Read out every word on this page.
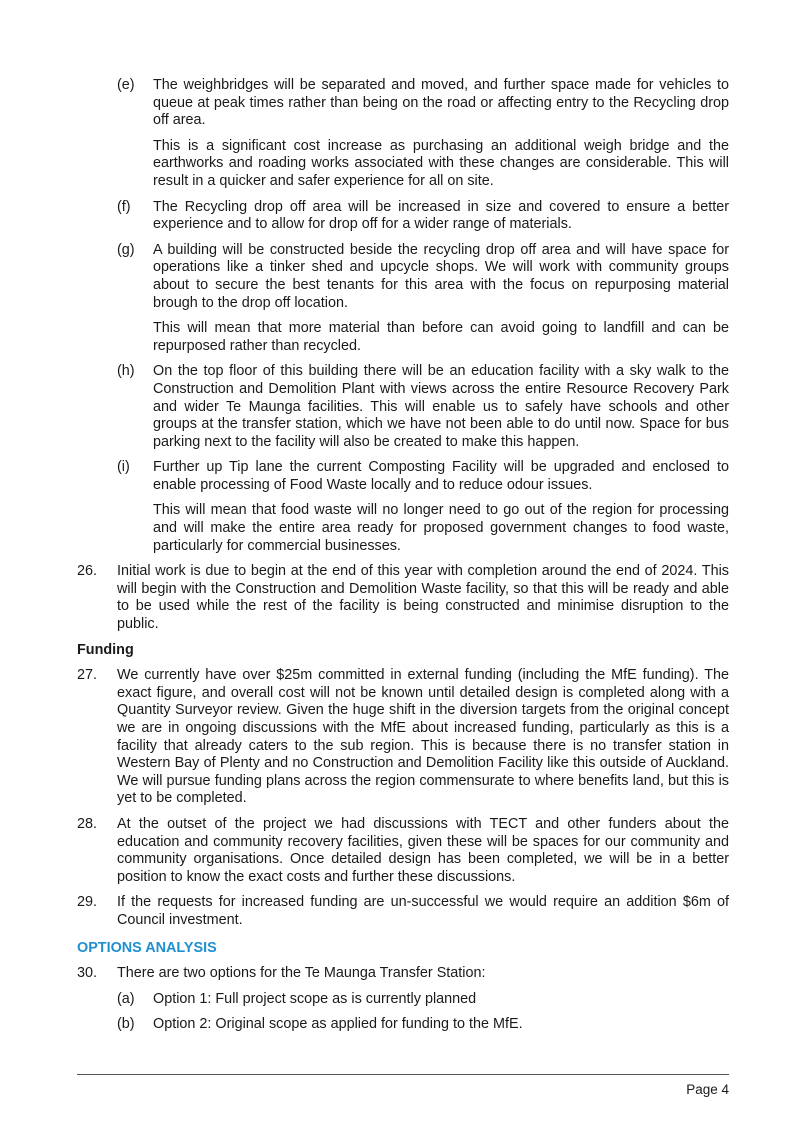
(e) The weighbridges will be separated and moved, and further space made for vehicles to queue at peak times rather than being on the road or affecting entry to the Recycling drop off area.

This is a significant cost increase as purchasing an additional weigh bridge and the earthworks and roading works associated with these changes are considerable. This will result in a quicker and safer experience for all on site.

(f) The Recycling drop off area will be increased in size and covered to ensure a better experience and to allow for drop off for a wider range of materials.

(g) A building will be constructed beside the recycling drop off area and will have space for operations like a tinker shed and upcycle shops. We will work with community groups about to secure the best tenants for this area with the focus on repurposing material brough to the drop off location.

This will mean that more material than before can avoid going to landfill and can be repurposed rather than recycled.

(h) On the top floor of this building there will be an education facility with a sky walk to the Construction and Demolition Plant with views across the entire Resource Recovery Park and wider Te Maunga facilities. This will enable us to safely have schools and other groups at the transfer station, which we have not been able to do until now. Space for bus parking next to the facility will also be created to make this happen.

(i) Further up Tip lane the current Composting Facility will be upgraded and enclosed to enable processing of Food Waste locally and to reduce odour issues.

This will mean that food waste will no longer need to go out of the region for processing and will make the entire area ready for proposed government changes to food waste, particularly for commercial businesses.

26. Initial work is due to begin at the end of this year with completion around the end of 2024. This will begin with the Construction and Demolition Waste facility, so that this will be ready and able to be used while the rest of the facility is being constructed and minimise disruption to the public.

Funding
27. We currently have over $25m committed in external funding (including the MfE funding). The exact figure, and overall cost will not be known until detailed design is completed along with a Quantity Surveyor review. Given the huge shift in the diversion targets from the original concept we are in ongoing discussions with the MfE about increased funding, particularly as this is a facility that already caters to the sub region. This is because there is no transfer station in Western Bay of Plenty and no Construction and Demolition Facility like this outside of Auckland. We will pursue funding plans across the region commensurate to where benefits land, but this is yet to be completed.

28. At the outset of the project we had discussions with TECT and other funders about the education and community recovery facilities, given these will be spaces for our community and community organisations. Once detailed design has been completed, we will be in a better position to know the exact costs and further these discussions.

29. If the requests for increased funding are un-successful we would require an addition $6m of Council investment.

OPTIONS ANALYSIS
30. There are two options for the Te Maunga Transfer Station:

(a) Option 1: Full project scope as is currently planned

(b) Option 2: Original scope as applied for funding to the MfE.

Page 4
